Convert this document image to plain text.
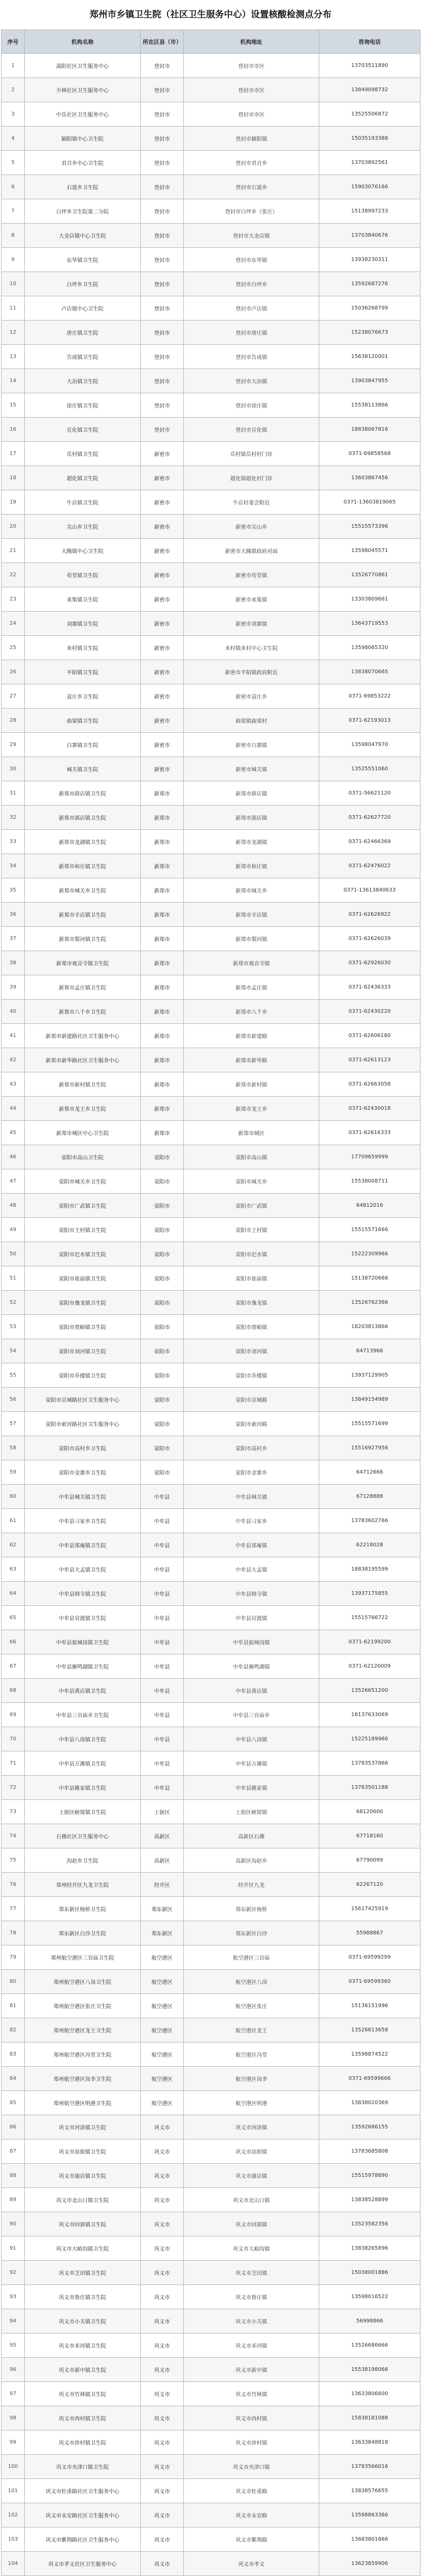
郑州市乡镇卫生院（社区卫生服务中心）设置核酸检测点分布
序号	机构名称	所在区县（市）	机构地址	咨询电话
1	嵩阳社区卫生服务中心	登封市	登封市市区	13703511890
2	少林社区卫生服务中心	登封市	登封市市区	13849098732
3	中岳社区卫生服务中心	登封市	登封市市区	13525506872
4	颍阳镇中心卫生院	登封市	登封市颍阳镇	15035193388
5	君召乡中心卫生院	登封市	登封市君召乡	13703892561
6	石道乡卫生院	登封市	登封市石道乡	15903076166
7	白坪乡卫生院第二分院	登封市	登封市白坪乡（张庄）	15138997233
8	大金店镇中心卫生院	登封市	登封市大金店镇	13703840676
9	东华镇卫生院	登封市	登封市东华镇	13938230311
10	白坪乡卫生院	登封市	登封市白坪乡	13592687276
11	卢店镇中心卫生院	登封市	登封市卢店镇	15036268799
12	唐庄镇卫生院	登封市	登封市唐庄镇	15238076673
13	告成镇卫生院	登封市	登封市告成镇	15638120001
14	大冶镇卫生院	登封市	登封市大冶镇	13903847955
15	徐庄镇卫生院	登封市	登封市徐庄镇	15538113866
16	宣化镇卫生院	登封市	登封市宣化镇	18838067816
17	岳村镇卫生院	新密市	岳村镇岳村村门诊	0371-69858568
18	超化镇卫生院	新密市	超化镇超化村门诊	13603867456
19	牛店镇卫生院	新密市	牛店村委会附近	0371-13603819065
20	尖山乡卫生院	新密市	新密市尖山乡	15515573396
21	大隗镇中心卫生院	新密市	新密市大隗镇政府对面	13598045571
22	苟堂镇卫生院	新密市	新密市苟堂镇	13526770861
23	来集镇卫生院	新密市	新密市来集镇	13303809661
24	刘寨镇卫生院	新密市	新密市刘寨镇	13643719553
25	米村镇卫生院	新密市	米村镇米村中心卫生院	13598065320
26	平陌镇卫生院	新密市	新密市平陌镇政府附近	13838070665
27	袁庄乡卫生院	新密市	新密市袁庄乡	0371-69853222
28	曲梁镇卫生院	新密市	曲梁镇曲梁村	0371-62193013
29	白寨镇卫生院	新密市	新密市白寨镇	13598047970
30	城关镇卫生院	新密市	新密市城关镇	13525551060
31	新郑市薛店镇卫生院	新郑市	新郑市薛店镇	0371-56621120
32	新郑市郭店镇卫生院	新郑市	新郑市郭店镇	0371-62627720
33	新郑市龙湖镇卫生院	新郑市	新郑市龙湖镇	0371-62466369
34	新郑市和庄镇卫生院	新郑市	新郑市和庄镇	0371-62476022
35	新郑市城关乡卫生院	新郑市	新郑市城关乡	0371-13613840633
36	新郑市辛店镇卫生院	新郑市	新郑市辛店镇	0371-62626922
37	新郑市梨河镇卫生院	新郑市	新郑市梨河镇	0371-62626039
38	新郑市观音寺镇卫生院	新郑市	新郑市观音寺镇	0371-62926030
39	新郑市孟庄镇卫生院	新郑市	新郑市孟庄镇	0371-62436333
40	新郑市八千乡卫生院	新郑市	新郑市八千乡	0371-62430220
41	新郑市新建路社区卫生服务中心	新郑市	新郑市新建路	0371-62606180
42	新郑市新华路社区卫生服务中心	新郑市	新郑市新华路	0371-62613123
43	新郑市新村镇卫生院	新郑市	新郑市新村镇	0371-62663058
44	新郑市龙王乡卫生院	新郑市	新郑市龙王乡	0371-62430018
45	新郑市城区中心卫生院	新郑市	新郑市城区	0371-62616333
46	荥阳市高山卫生院	荥阳市	荥阳市高山镇	17709659999
47	荥阳市城关乡卫生院	荥阳市	荥阳市城关乡	15538008711
48	荥阳市广武镇卫生院	荥阳市	荥阳市广武镇	64812016
49	荥阳市王村镇卫生院	荥阳市	荥阳市王村镇	15515571666
50	荥阳市汜水镇卫生院	荥阳市	荥阳市汜水镇	15222309966
51	荥阳市崔庙镇卫生院	荥阳市	荥阳市崔庙镇	15138720666
52	荥阳市豫龙镇卫生院	荥阳市	荥阳市豫龙镇	13526762366
53	荥阳市贾峪镇卫生院	荥阳市	荥阳市贾峪镇	18203813866
54	荥阳市刘河镇卫生院	荥阳市	荥阳市刘河镇	64713966
55	荥阳市乔楼镇卫生院	荥阳市	荥阳市乔楼镇	13937129905
56	荥阳市京城路社区卫生服务中心	荥阳市	荥阳市京城路	13849154989
57	荥阳市索河路社区卫生服务中心	荥阳市	荥阳市索河路	15515571699
58	荥阳市高村乡卫生院	荥阳市	荥阳市高村乡	15516927956
59	荥阳市金寨乡卫生院	荥阳市	荥阳市金寨乡	64712666
60	中牟县城关镇卫生院	中牟县	中牟县城关镇	67128888
61	中牟县刁家乡卫生院	中牟县	中牟县刁家乡	13783602766
62	中牟县郑庵镇卫生院	中牟县	中牟县郑庵镇	62218028
63	中牟县大孟镇卫生院	中牟县	中牟县大孟镇	18838195599
64	中牟县韩寺镇卫生院	中牟县	中牟县韩寺镇	13937175855
65	中牟县官渡镇卫生院	中牟县	中牟县官渡镇	15515766722
66	中牟县狼城岗镇卫生院	中牟县	中牟县狼城岗镇	0371-62199200
67	中牟县雁鸣湖镇卫生院	中牟县	中牟县雁鸣湖镇	0371-62120009
68	中牟县黄店镇卫生院	中牟县	中牟县黄店镇	13526651200
69	中牟县三官庙乡卫生院	中牟县	中牟县三官庙乡	18137633069
70	中牟县八岗镇卫生院	中牟县	中牟县八岗镇	15225189966
71	中牟县万滩镇卫生院	中牟县	中牟县万滩镇	13783537866
72	中牟县姚家镇卫生院	中牟县	中牟县姚家镇	13783501188
73	上街区峡窝镇卫生院	上街区	上街区峡窝镇	68120600
74	石佛社区卫生服务中心	高新区	高新区石佛	67718160
75	沟赵乡卫生院	高新区	高新区沟赵乡	67790099
76	郑州经开区九龙卫生院	经开区	经开区九龙	62267120
77	郑东新区杨桥卫生院	郑东新区	郑东新区杨桥	15617425919
78	郑东新区白沙卫生院	郑东新区	郑东新区白沙	55988867
79	郑州航空港区三官庙卫生院	航空港区	航空港区三官庙	0371-69599299
80	郑州航空港区八岗卫生院	航空港区	航空港区八岗	0371-69599360
81	郑州航空港区张庄卫生院	航空港区	航空港区张庄	15136151996
82	郑州航空港区龙王卫生院	航空港区	航空港区龙王	13526613658
83	郑州航空港区冯堂卫生院	航空港区	航空港区冯堂	13598874522
84	郑州航空港区岗李卫生院	航空港区	航空港区岗李	0371-69599666
85	郑州航空港区明港卫生院	航空港区	航空港区明港	13838020369
86	巩义市河洛镇卫生院	巩义市	巩义市河洛镇	13592686155
87	巩义市站街镇卫生院	巩义市	巩义市站街镇	13783685808
88	巩义市康店镇卫生院	巩义市	巩义市康店镇	15515978890
89	巩义市北山口镇卫生院	巩义市	巩义市北山口镇	13838528899
90	巩义市回郭镇卫生院	巩义市	巩义市回郭镇	13523582356
91	巩义市大峪沟镇卫生院	巩义市	巩义市大峪沟镇	13838265896
92	巩义市芝田镇卫生院	巩义市	巩义市芝田镇	15038001886
93	巩义市鲁庄镇卫生院	巩义市	巩义市鲁庄镇	13598016522
94	巩义市小关镇卫生院	巩义市	巩义市小关镇	56998866
95	巩义市米河镇卫生院	巩义市	巩义市米河镇	13526686666
96	巩义市新中镇卫生院	巩义市	巩义市新中镇	15538198066
97	巩义市竹林镇卫生院	巩义市	巩义市竹林镇	13633806600
98	巩义市西村镇卫生院	巩义市	巩义市西村镇	15838181088
99	巩义市涉村镇卫生院	巩义市	巩义市涉村镇	13633848818
100	巩义市夹津口镇卫生院	巩义市	巩义市夹津口镇	13783566016
101	巩义市杜甫路社区卫生服务中心	巩义市	巩义市杜甫路	13838576655
102	巩义市永安路社区卫生服务中心	巩义市	巩义市永安路	13598863366
103	巩义市紫荆路社区卫生服务中心	巩义市	巩义市紫荆路	13683801666
104	巩义市孝义社区卫生服务中心	巩义市	巩义市孝义	13623859906
